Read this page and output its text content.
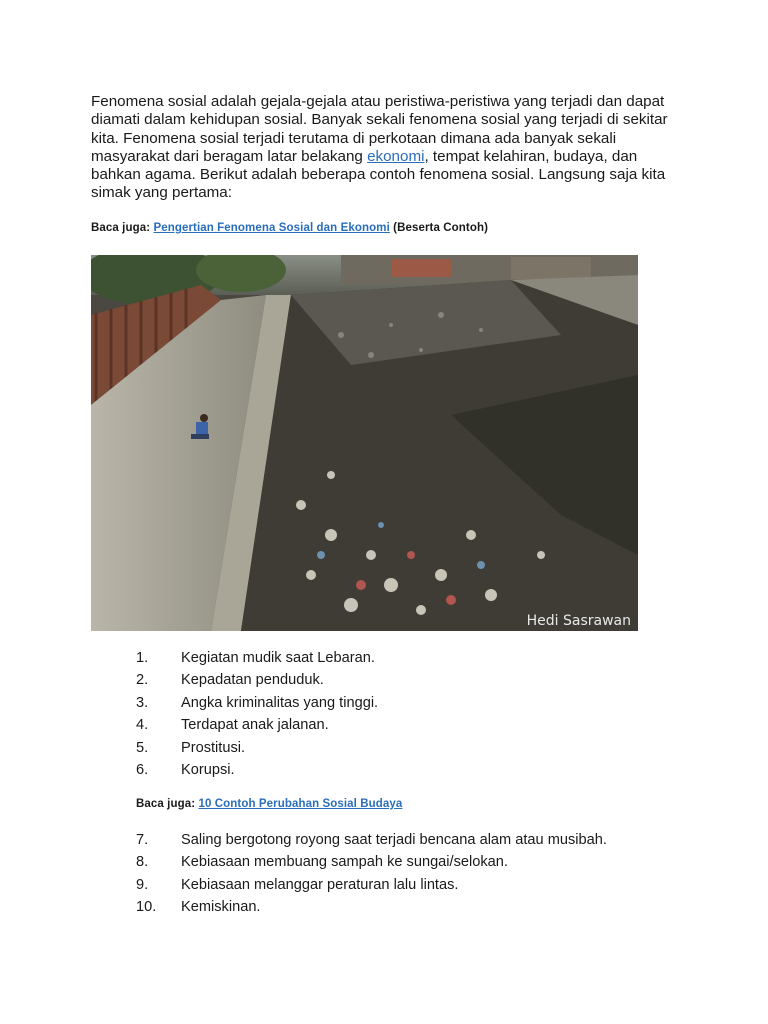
Fenomena sosial adalah gejala-gejala atau peristiwa-peristiwa yang terjadi dan dapat diamati dalam kehidupan sosial. Banyak sekali fenomena sosial yang terjadi di sekitar kita. Fenomena sosial terjadi terutama di perkotaan dimana ada banyak sekali masyarakat dari beragam latar belakang ekonomi, tempat kelahiran, budaya, dan bahkan agama. Berikut adalah beberapa contoh fenomena sosial. Langsung saja kita simak yang pertama:

Baca juga: Pengertian Fenomena Sosial dan Ekonomi (Beserta Contoh)

Hedi Sasrawan
1. Kegiatan mudik saat Lebaran.
2. Kepadatan penduduk.
3. Angka kriminalitas yang tinggi.
4. Terdapat anak jalanan.
5. Prostitusi.
6. Korupsi.

Baca juga: 10 Contoh Perubahan Sosial Budaya

7. Saling bergotong royong saat terjadi bencana alam atau musibah.
8. Kebiasaan membuang sampah ke sungai/selokan.
9. Kebiasaan melanggar peraturan lalu lintas.
10. Kemiskinan.
